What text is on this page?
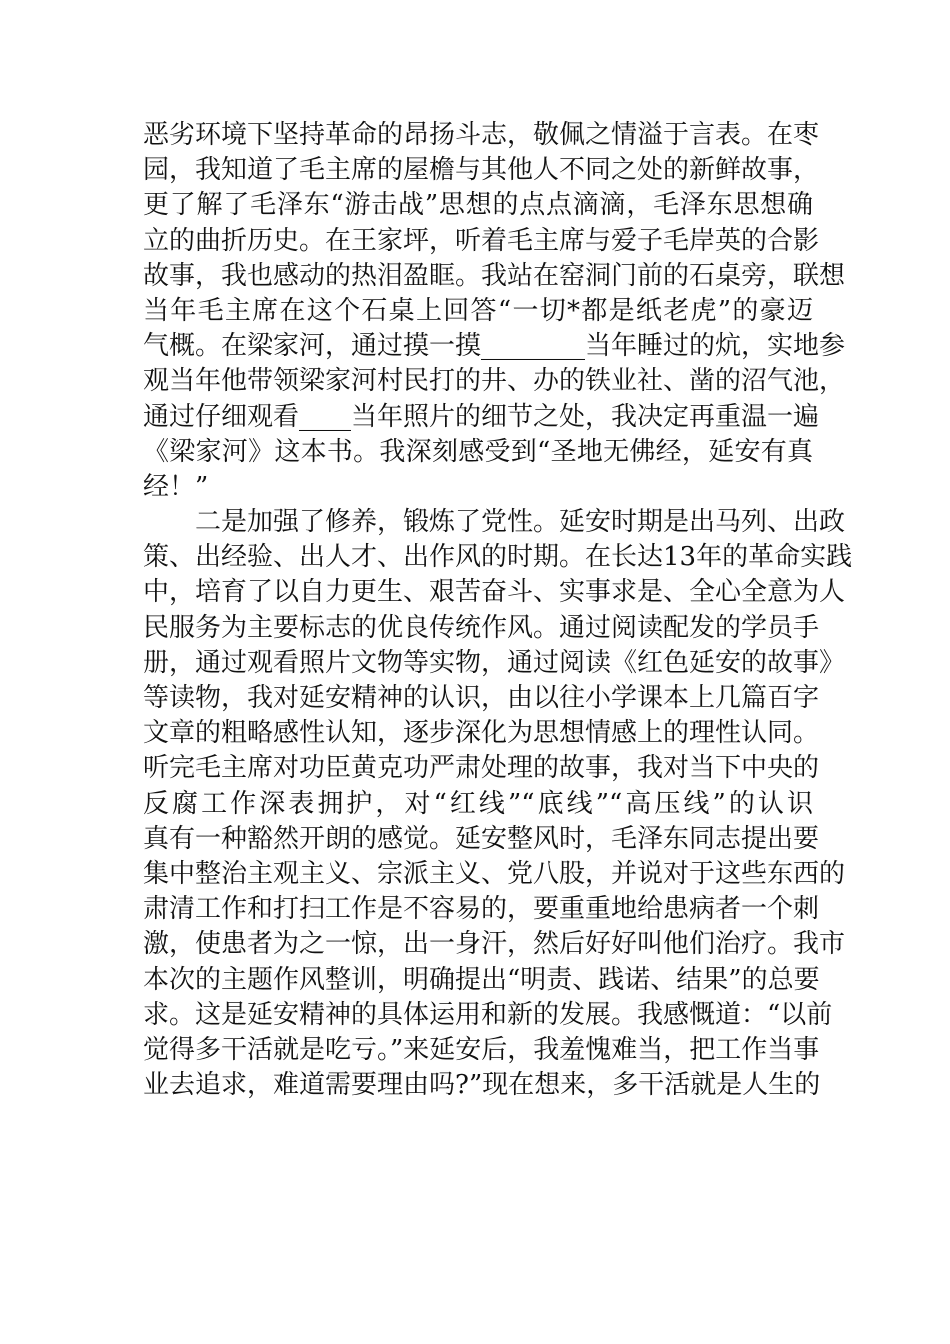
恶劣环境下坚持革命的昂扬斗志，敬佩之情溢于言表。在枣
园，我知道了毛主席的屋檐与其他人不同之处的新鲜故事，
更了解了毛泽东“游击战”思想的点点滴滴，毛泽东思想确
立的曲折历史。在王家坪，听着毛主席与爱子毛岸英的合影
故事，我也感动的热泪盈眶。我站在窑洞门前的石桌旁，联想
当年毛主席在这个石桌上回答“一切*都是纸老虎”的豪迈
气概。在梁家河，通过摸一摸________当年睡过的炕，实地参
观当年他带领梁家河村民打的井、办的铁业社、凿的沼气池，
通过仔细观看____当年照片的细节之处，我决定再重温一遍
《梁家河》这本书。我深刻感受到“圣地无佛经，延安有真
经！”
二是加强了修养，锻炼了党性。延安时期是出马列、出政
策、出经验、出人才、出作风的时期。在长达13年的革命实践
中，培育了以自力更生、艰苦奋斗、实事求是、全心全意为人
民服务为主要标志的优良传统作风。通过阅读配发的学员手
册，通过观看照片文物等实物，通过阅读《红色延安的故事》
等读物，我对延安精神的认识，由以往小学课本上几篇百字
文章的粗略感性认知，逐步深化为思想情感上的理性认同。
听完毛主席对功臣黄克功严肃处理的故事，我对当下中央的
反腐工作深表拥护，对“红线”“底线”“高压线”的认识
真有一种豁然开朗的感觉。延安整风时，毛泽东同志提出要
集中整治主观主义、宗派主义、党八股，并说对于这些东西的
肃清工作和打扫工作是不容易的，要重重地给患病者一个刺
激，使患者为之一惊，出一身汗，然后好好叫他们治疗。我市
本次的主题作风整训，明确提出“明责、践诺、结果”的总要
求。这是延安精神的具体运用和新的发展。我感慨道：“以前
觉得多干活就是吃亏。”来延安后，我羞愧难当，把工作当事
业去追求，难道需要理由吗?”现在想来，多干活就是人生的
